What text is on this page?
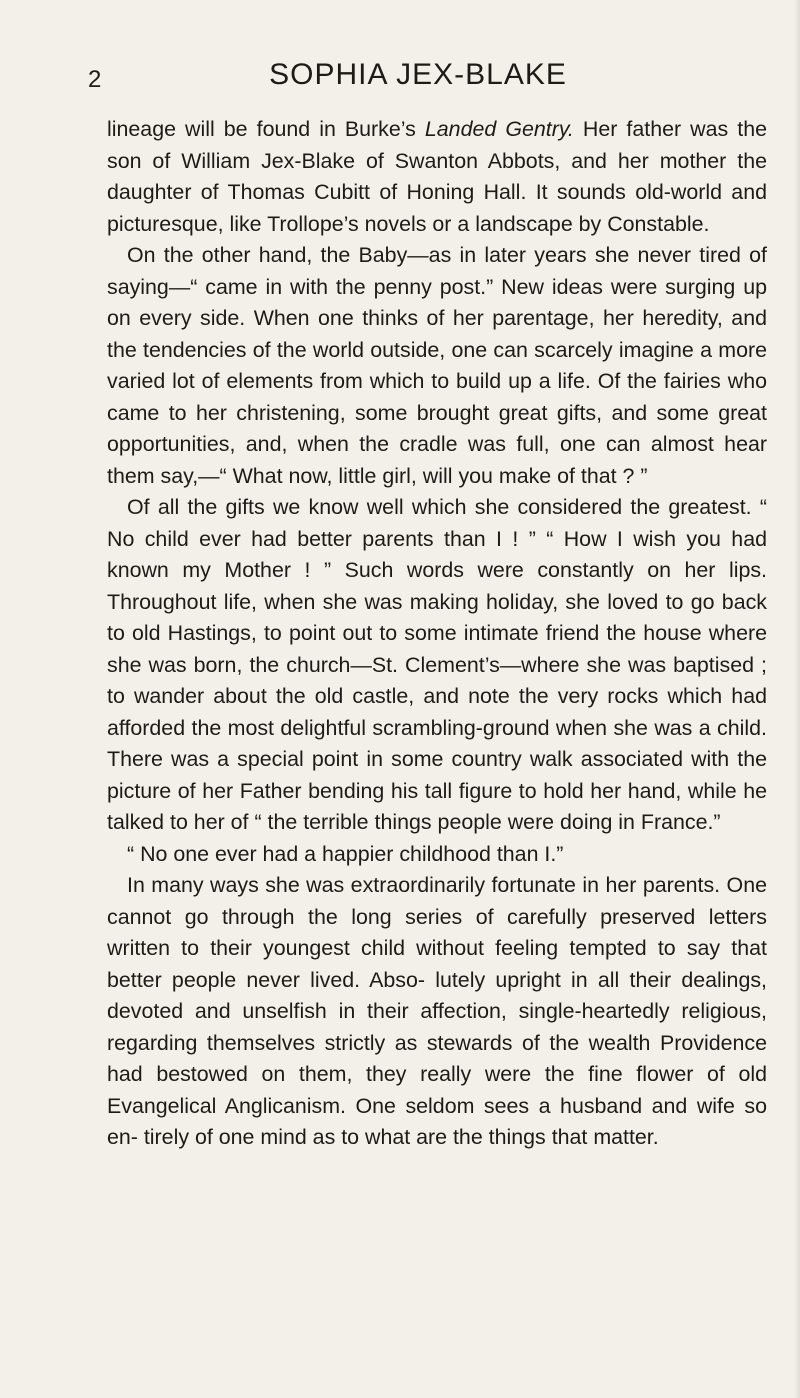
2	SOPHIA JEX-BLAKE

lineage will be found in Burke’s Landed Gentry. Her father was the son of William Jex-Blake of Swanton Abbots, and her mother the daughter of Thomas Cubitt of Honing Hall. It sounds old-world and picturesque, like Trollope’s novels or a landscape by Constable.

On the other hand, the Baby—as in later years she never tired of saying—“ came in with the penny post.” New ideas were surging up on every side. When one thinks of her parentage, her heredity, and the tendencies of the world outside, one can scarcely imagine a more varied lot of elements from which to build up a life. Of the fairies who came to her christening, some brought great gifts, and some great opportunities, and, when the cradle was full, one can almost hear them say,—“ What now, little girl, will you make of that ? ”

Of all the gifts we know well which she considered the greatest. “ No child ever had better parents than I ! ” “ How I wish you had known my Mother ! ” Such words were constantly on her lips. Throughout life, when she was making holiday, she loved to go back to old Hastings, to point out to some intimate friend the house where she was born, the church—St. Clement’s—where she was baptised ; to wander about the old castle, and note the very rocks which had afforded the most delightful scrambling-ground when she was a child. There was a special point in some country walk associated with the picture of her Father bending his tall figure to hold her hand, while he talked to her of “ the terrible things people were doing in France.”

“ No one ever had a happier childhood than I.”

In many ways she was extraordinarily fortunate in her parents. One cannot go through the long series of carefully preserved letters written to their youngest child without feeling tempted to say that better people never lived. Abso- lutely upright in all their dealings, devoted and unselfish in their affection, single-heartedly religious, regarding themselves strictly as stewards of the wealth Providence had bestowed on them, they really were the fine flower of old Evangelical Anglicanism. One seldom sees a husband and wife so en- tirely of one mind as to what are the things that matter.
